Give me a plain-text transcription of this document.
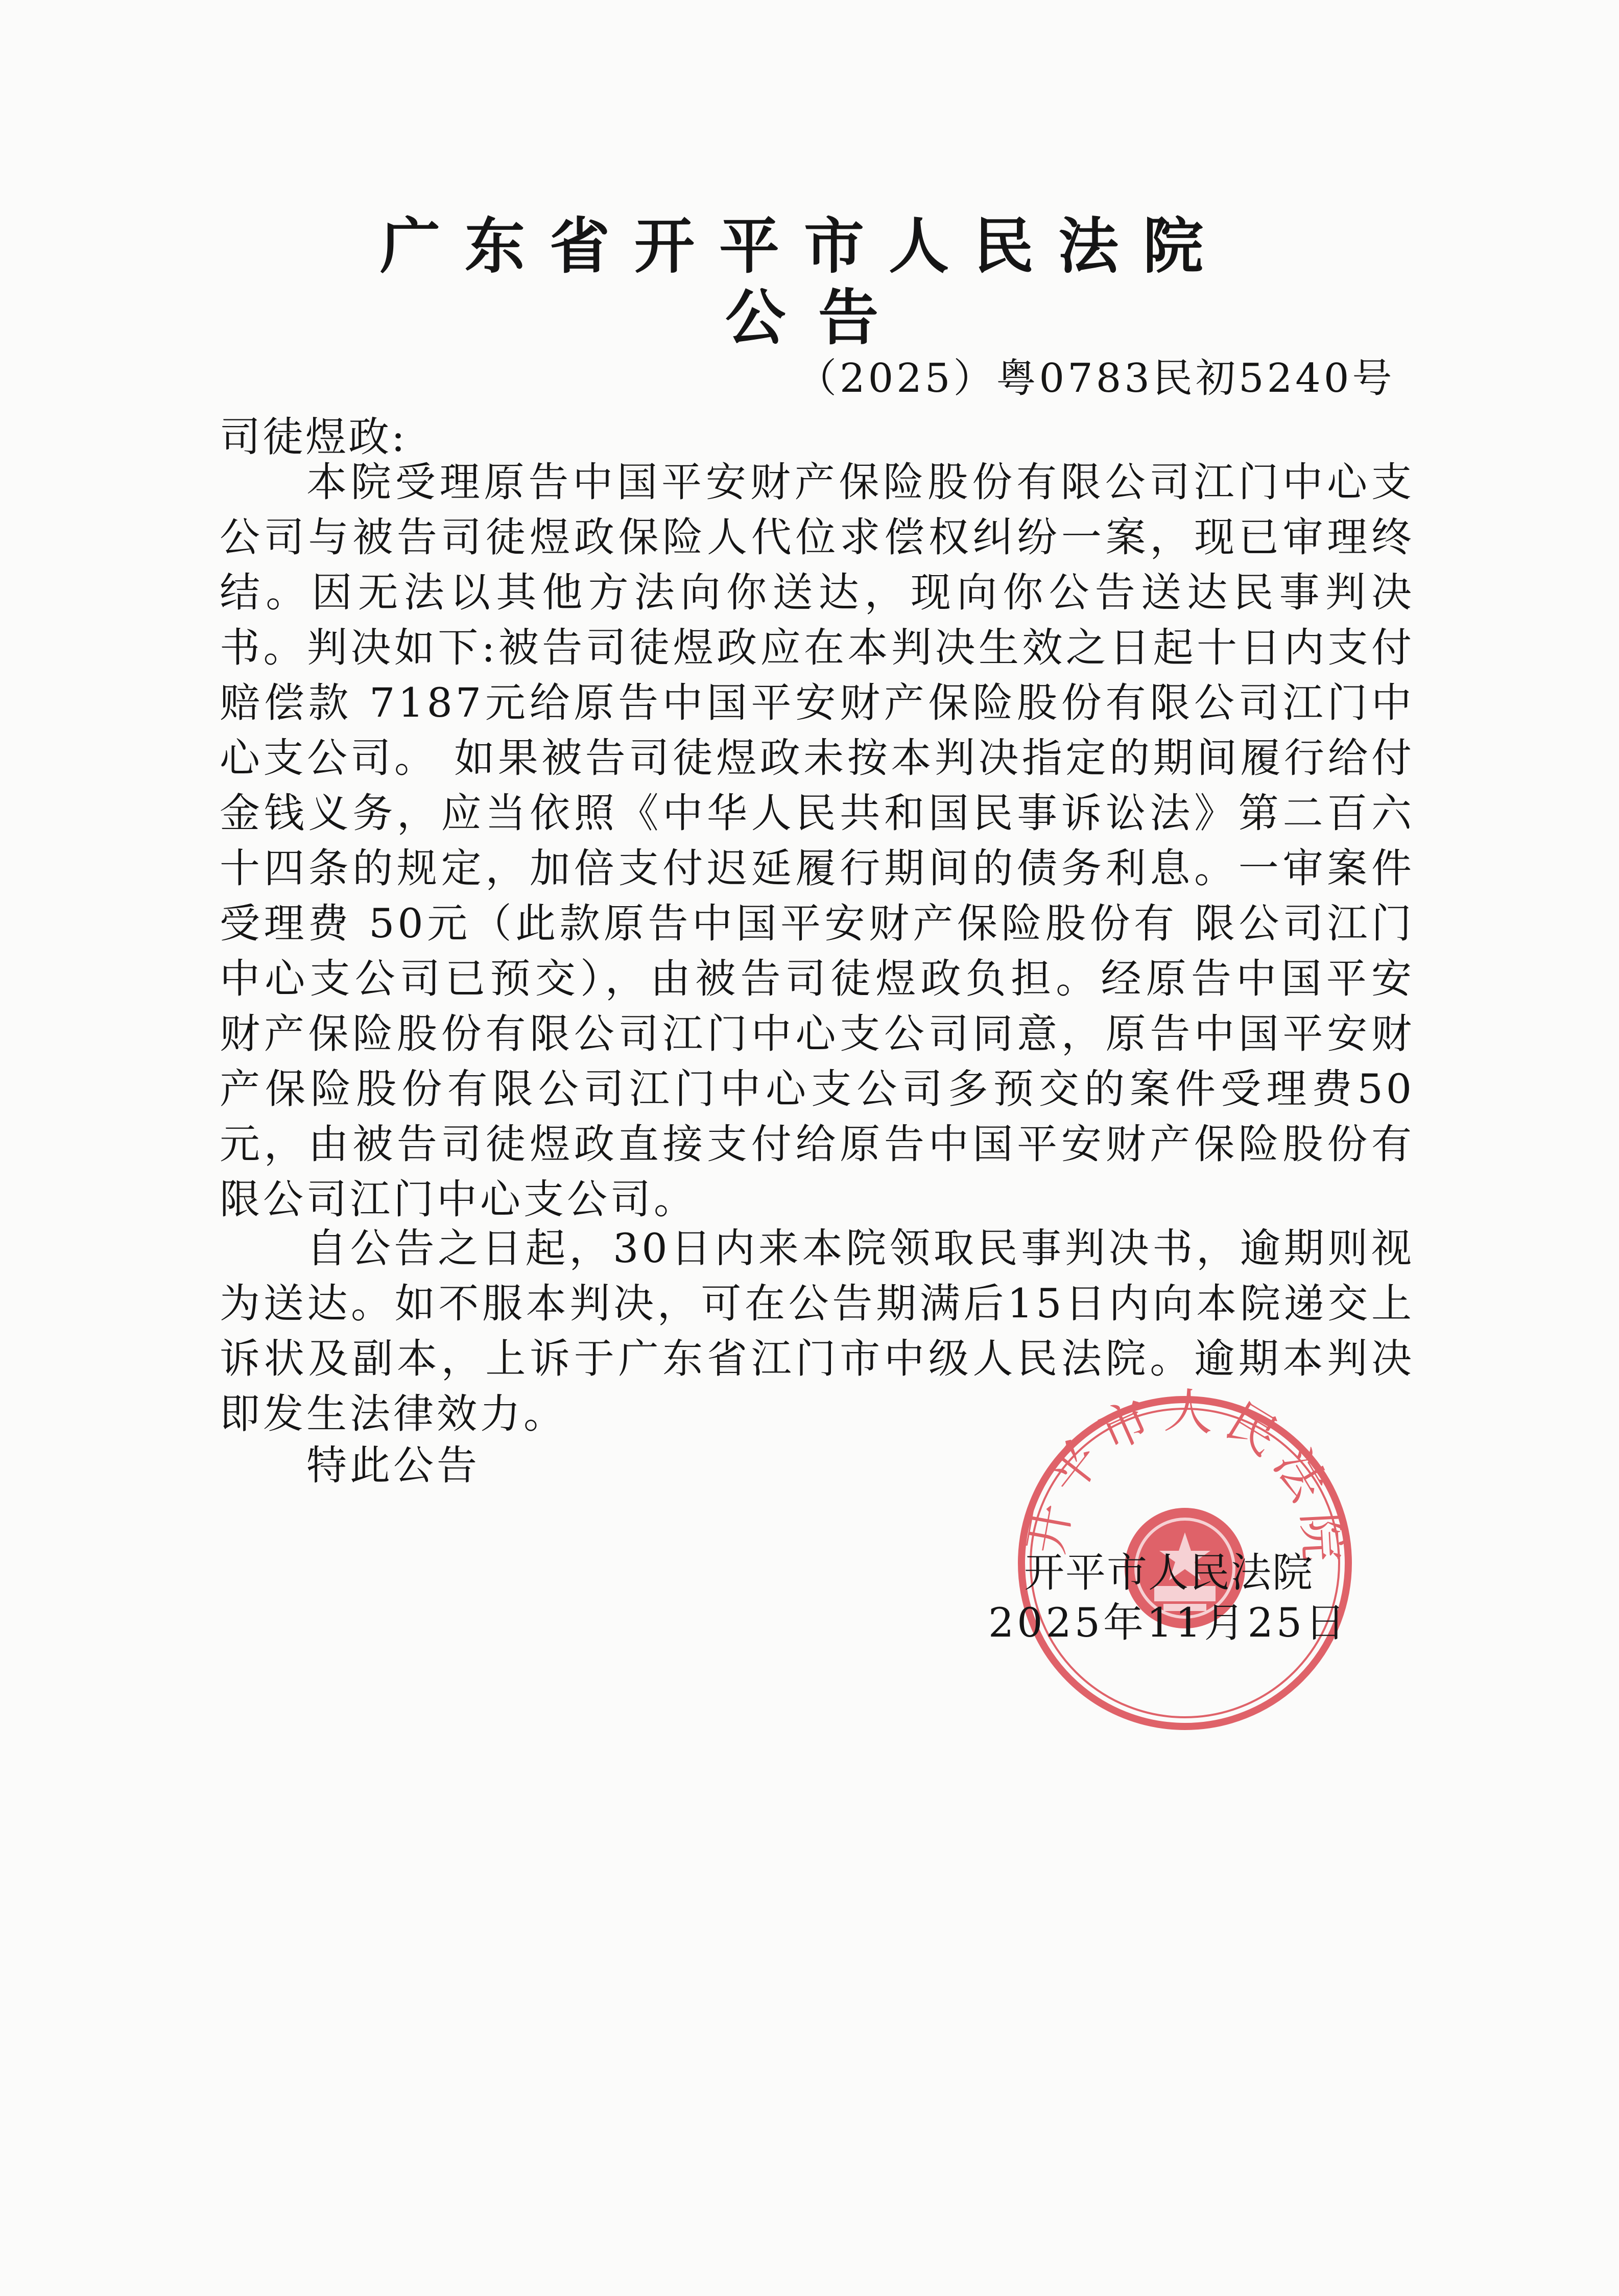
广东省开平市人民法院
公告
（2025）粤0783民初5240号
司徒煜政:

本院受理原告中国平安财产保险股份有限公司江门中心支公司与被告司徒煜政保险人代位求偿权纠纷一案，现已审理终结。因无法以其他方法向你送达，现向你公告送达民事判决书。判决如下:被告司徒煜政应在本判决生效之日起十日内支付赔偿款 7187元给原告中国平安财产保险股份有限公司江门中心支公司。 如果被告司徒煜政未按本判决指定的期间履行给付金钱义务，应当依照《中华人民共和国民事诉讼法》第二百六十四条的规定，加倍支付迟延履行期间的债务利息。一审案件受理费 50元（此款原告中国平安财产保险股份有 限公司江门中心支公司已预交），由被告司徒煜政负担。经原告中国平安财产保险股份有限公司江门中心支公司同意，原告中国平安财产保险股份有限公司江门中心支公司多预交的案件受理费50 元，由被告司徒煜政直接支付给原告中国平安财产保险股份有限公司江门中心支公司。

自公告之日起，30日内来本院领取民事判决书，逾期则视为送达。如不服本判决，可在公告期满后15日内向本院递交上诉状及副本，上诉于广东省江门市中级人民法院。逾期本判决即发生法律效力。

特此公告
开平市人民法院
开平市人民法院
2025年11月25日
